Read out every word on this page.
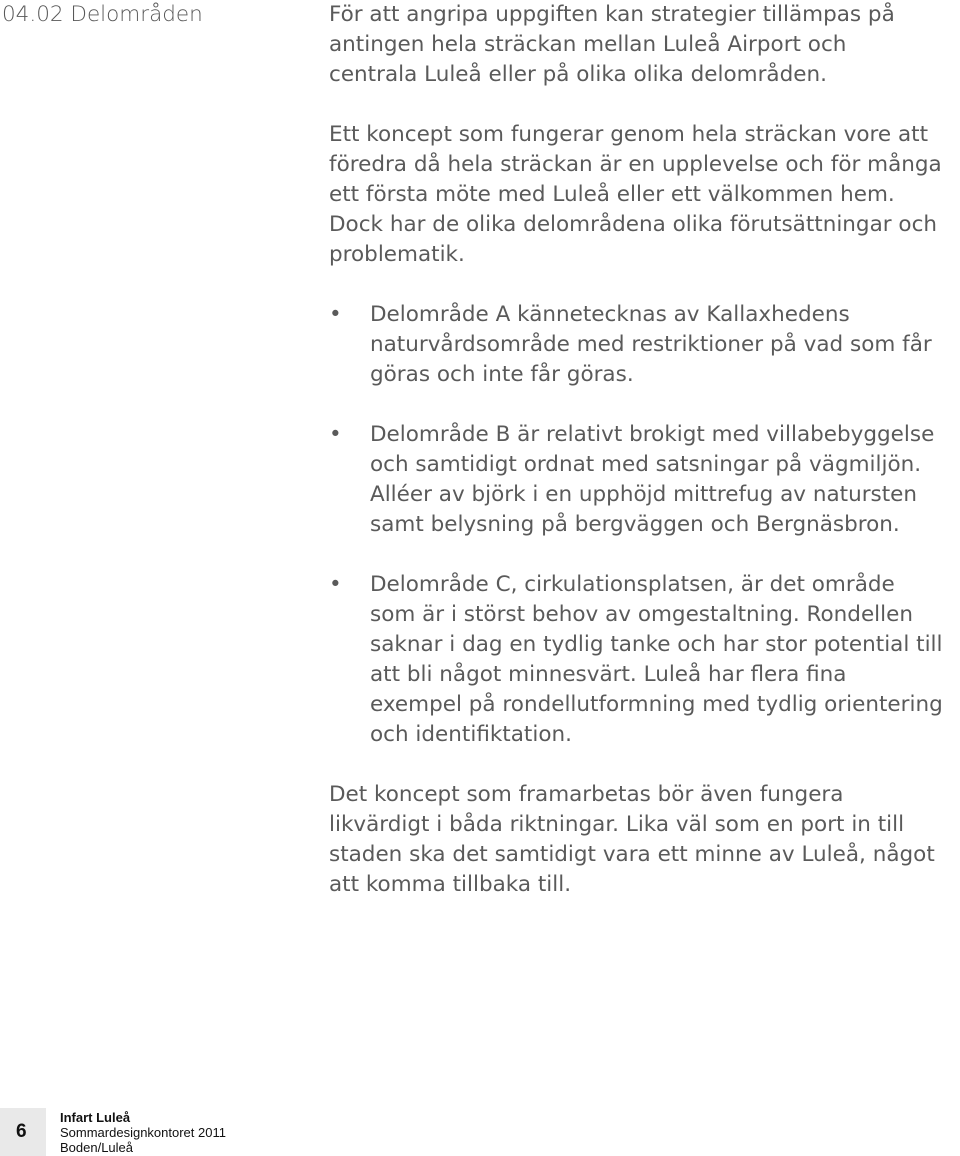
04.02 Delområden	För att angripa uppgiften kan strategier tillämpas på

antingen hela sträckan mellan Luleå Airport och

centrala Luleå eller på olika olika delområden.

Ett koncept som fungerar genom hela sträckan vore att

föredra då hela sträckan är en upplevelse och för många

ett första möte med Luleå eller ett välkommen hem.

Dock har de olika delområdena olika förutsättningar och

problematik.

•	Delområde A kännetecknas av Kallaxhedens

naturvårdsområde med restriktioner på vad som får

göras och inte får göras.

•	Delområde B är relativt brokigt med villabebyggelse

och samtidigt ordnat med satsningar på vägmiljön.

Alléer av björk i en upphöjd mittrefug av natursten

samt belysning på bergväggen och Bergnäsbron.

•	Delområde C, cirkulationsplatsen, är det område

som är i störst behov av omgestaltning. Rondellen

saknar i dag en tydlig tanke och har stor potential till

att bli något minnesvärt. Luleå har flera fina

exempel på rondellutformning med tydlig orientering

och identifiktation.

Det koncept som framarbetas bör även fungera

likvärdigt i båda riktningar. Lika väl som en port in till

staden ska det samtidigt vara ett minne av Luleå, något

att komma tillbaka till.

6
Infart Luleå
Sommardesignkontoret 2011
Boden/Luleå
